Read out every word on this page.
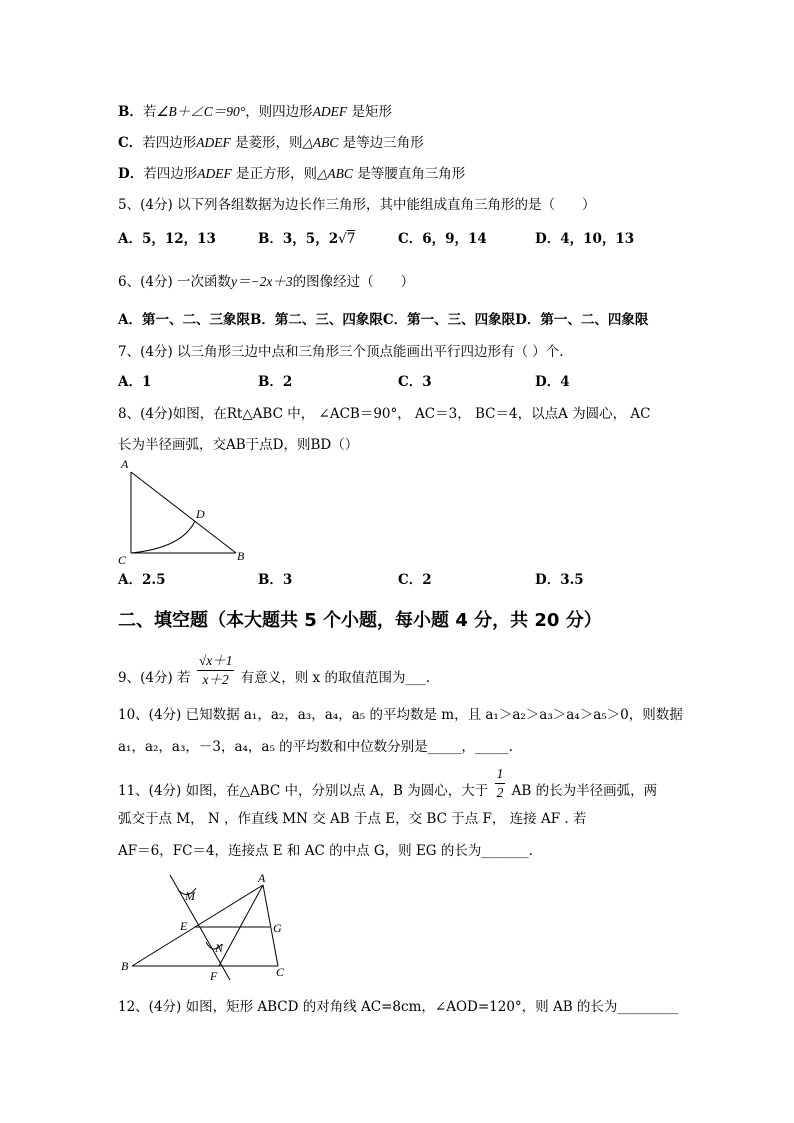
B．若∠B＋∠C＝90°，则四边形ADEF 是矩形
C．若四边形ADEF 是菱形，则△ABC 是等边三角形
D．若四边形ADEF 是正方形，则△ABC 是等腰直角三角形
5、(4分) 以下列各组数据为边长作三角形，其中能组成直角三角形的是（　　）
A．5，12，13	B．3，5，2√7	C．6，9，14	D．4，10，13
6、(4分) 一次函数y＝−2x＋3的图像经过（　　）
A．第一、二、三象限B．第二、三、四象限C．第一、三、四象限D．第一、二、四象限
7、(4分) 以三角形三边中点和三角形三个顶点能画出平行四边形有（ ）个.
A．1	B．2	C．3	D．4
8、(4分)如图，在Rt△ABC 中， ∠ACB＝90°， AC＝3， BC＝4，以点A 为圆心， AC
长为半径画弧，交AB于点D，则BD（）
A
D
C	B
A．2.5	B．3	C．2	D．3.5
二、填空题（本大题共 5 个小题，每小题 4 分，共 20 分）
9、(4分) 若 $\frac{√x+1}{x+2}$ 有意义，则 x 的取值范围为___.
10、(4分) 已知数据 a₁，a₂，a₃，a₄，a₅ 的平均数是 m，且 a₁＞a₂＞a₃＞a₄＞a₅＞0，则数据
a₁，a₂，a₃，－3，a₄，a₅ 的平均数和中位数分别是_____，_____.
11、(4分) 如图，在△ABC 中，分别以点 A，B 为圆心，大于 $\frac{1}{2}$ AB 的长为半径画弧，两
弧交于点 M， N ，作直线 MN 交 AB 于点 E，交 BC 于点 F， 连接 AF . 若
AF＝6，FC＝4，连接点 E 和 AC 的中点 G，则 EG 的长为_______.
A
M
E	G
N
B
F	C
12、(4分) 如图，矩形 ABCD 的对角线 AC=8cm，∠AOD=120°，则 AB 的长为_________
